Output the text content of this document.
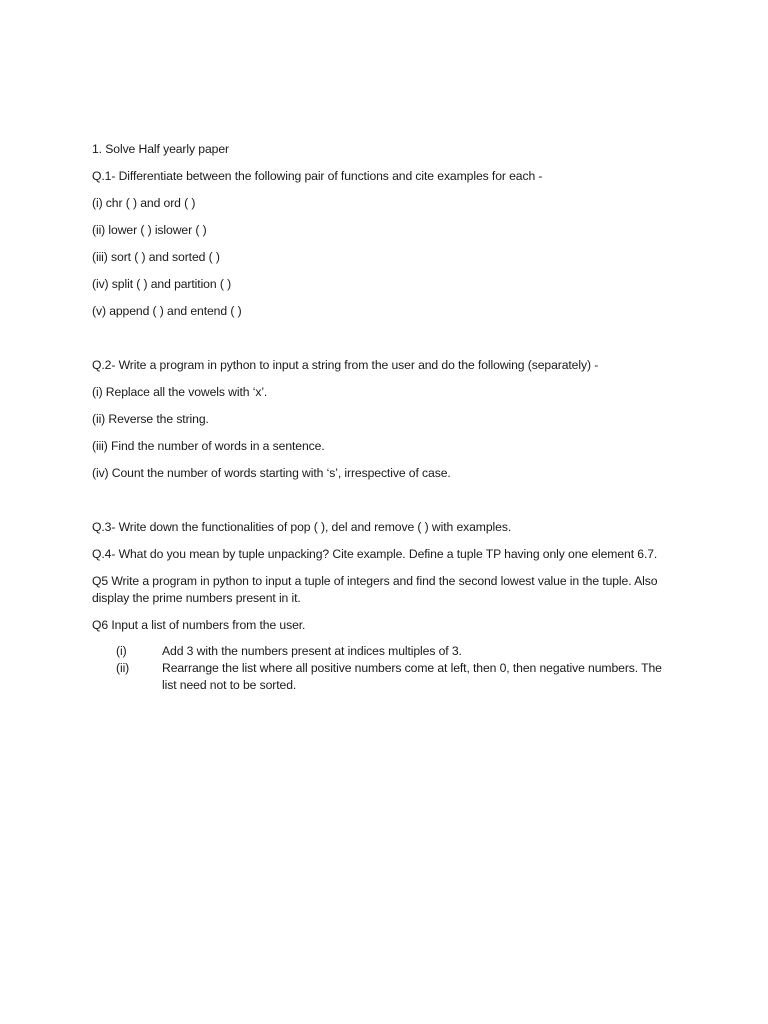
1. Solve Half yearly paper

Q.1- Differentiate between the following pair of functions and cite examples for each -

(i) chr ( ) and ord ( )

(ii) lower ( ) islower ( )

(iii) sort ( ) and sorted ( )

(iv) split ( ) and partition ( )

(v) append ( ) and entend ( )

Q.2- Write a program in python to input a string from the user and do the following (separately) -

(i) Replace all the vowels with ‘x’.

(ii) Reverse the string.

(iii) Find the number of words in a sentence.

(iv) Count the number of words starting with ‘s’, irrespective of case.

Q.3- Write down the functionalities of pop ( ), del and remove ( ) with examples.

Q.4- What do you mean by tuple unpacking? Cite example. Define a tuple TP having only one element 6.7.

Q5 Write a program in python to input a tuple of integers and find the second lowest value in the tuple. Also display the prime numbers present in it.

Q6 Input a list of numbers from the user.

(i)	Add 3 with the numbers present at indices multiples of 3.
(ii)	Rearrange the list where all positive numbers come at left, then 0, then negative numbers. The list need not to be sorted.
